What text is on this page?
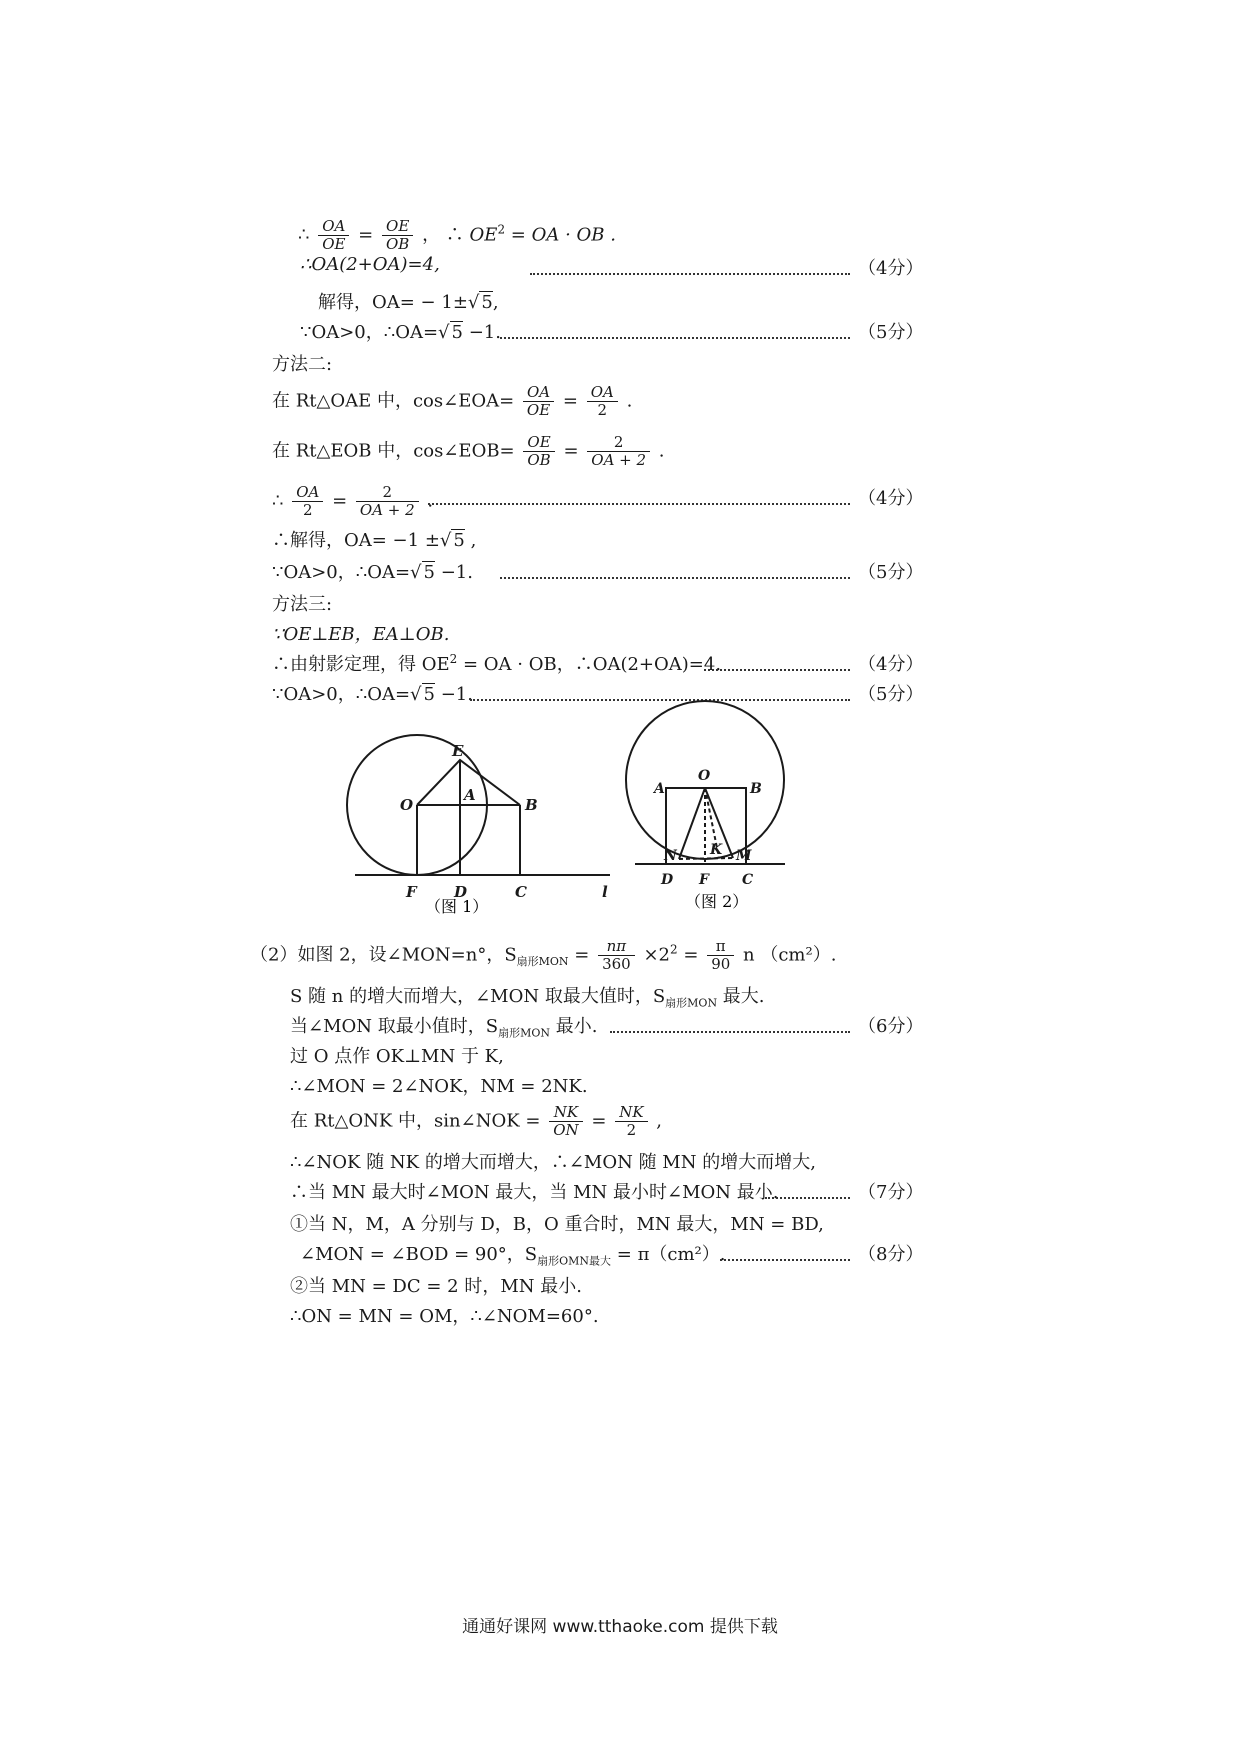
∴ $\frac{OA}{OE} = \frac{OE}{OB}$ ， ∴ $OE^2$ = OA · OB .
∴OA(2+OA)=4,	（4分）
解得，OA= − 1±√ 5,
∵OA>0，∴OA=√ 5 −1.	（5分）
方法二:
在 Rt△OAE 中，cos∠EOA= $\frac{OA}{OE} = \frac{OA}{2}$ .
在 Rt△EOB 中，cos∠EOB= $\frac{OE}{OB} = \frac{2}{OA + 2}$ .
∴ $\frac{OA}{2} = \frac{2}{OA + 2}$ .	（4分）
∴解得，OA= −1 ±√ 5 ,
∵OA>0，∴OA=√ 5 −1.	（5分）
方法三:
∵OE⊥EB，EA⊥OB.
∴由射影定理，得 $OE^2$ = OA · OB，∴OA(2+OA)=4.	（4分）
∵OA>0，∴OA=√ 5 −1.	（5分）
E
O
A
B
F D	C	l
O
A	B
N K M
D F C
（图 1）	（图 2）
（2）如图 2，设∠MON=n°，$S_{扇形MON} = \frac{n\pi}{360} \times 2^2 = \frac{\pi}{90}$ n （cm²）.
S 随 n 的增大而增大，∠MON 取最大值时，$S_{扇形MON}$ 最大.
当∠MON 取最小值时，$S_{扇形MON}$ 最小.	（6分）
过 O 点作 OK⊥MN 于 K,
∴∠MON = 2∠NOK，NM = 2NK.
在 Rt△ONK 中，sin∠NOK = $\frac{NK}{ON} = \frac{NK}{2}$ ,
∴∠NOK 随 NK 的增大而增大，∴∠MON 随 MN 的增大而增大,
∴当 MN 最大时∠MON 最大，当 MN 最小时∠MON 最小.	（7分）
①当 N，M，A 分别与 D，B，O 重合时，MN 最大，MN = BD,
∠MON = ∠BOD = 90°，$S_{扇形OMN最大} = \pi(cm^2)$.	（8分）
②当 MN = DC = 2 时，MN 最小.
∴ON = MN = OM，∴∠NOM=60°.
通通好课网 www.tthaoke.com 提供下载
